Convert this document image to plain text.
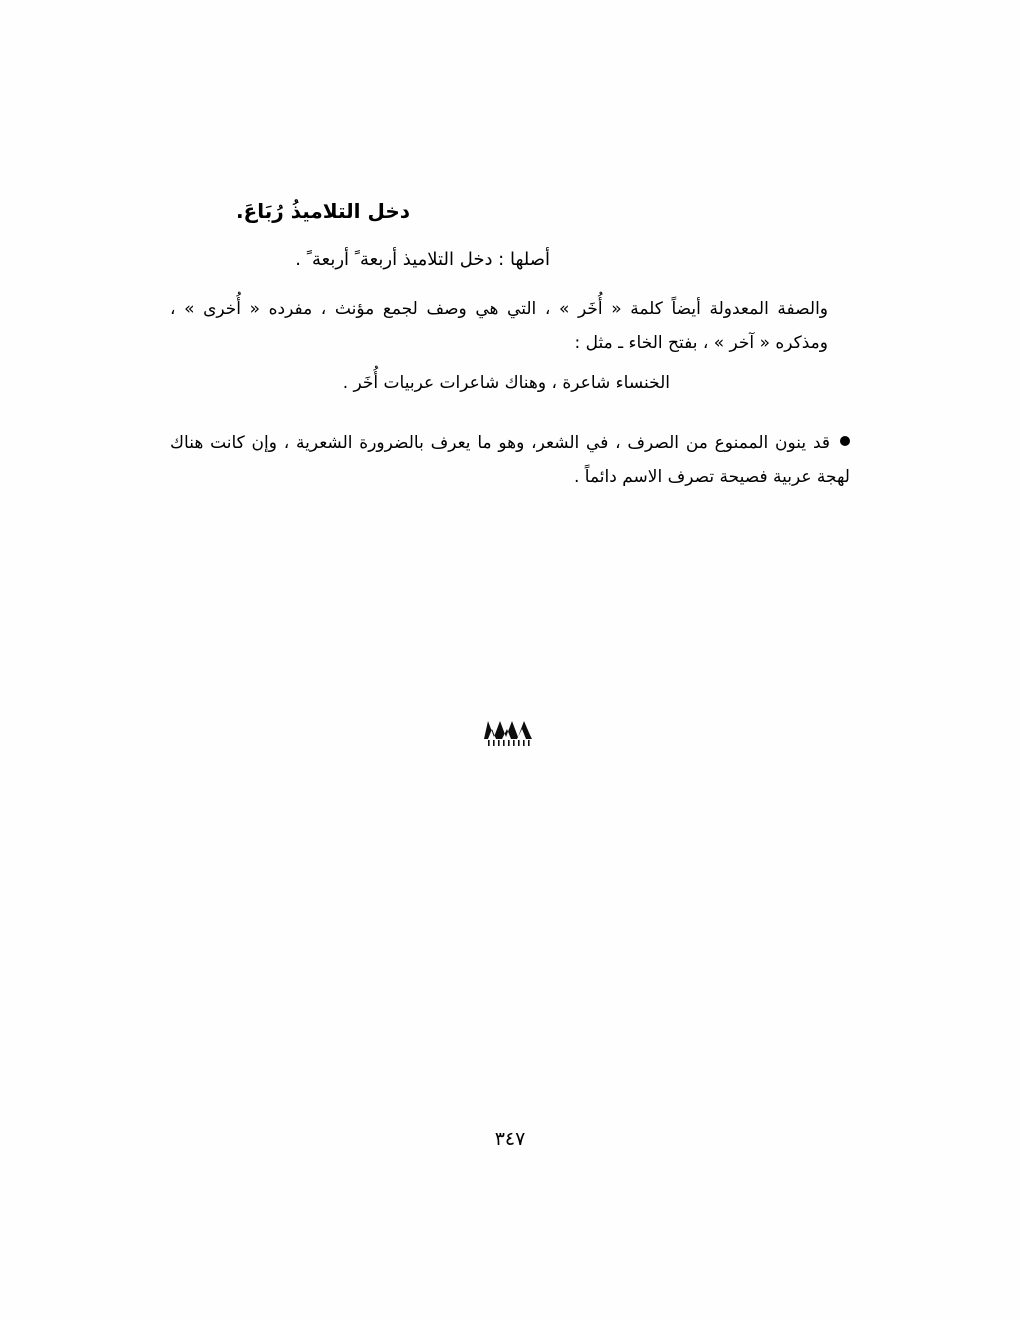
دخل التلاميذُ رُبَاعَ.

أصلها : دخل التلاميذ أربعة ً أربعة ً .

والصفة المعدولة أيضاً كلمة « أُخَر » ، التي هي وصف لجمع مؤنث ، مفرده « أُخرى » ، ومذكره « آخر » ، بفتح الخاء ـ مثل :

الخنساء شاعرة ، وهناك شاعرات عربيات أُخَر .

قد ينون الممنوع من الصرف ، في الشعر، وهو ما يعرف بالضرورة الشعرية ، وإن كانت هناك لهجة عربية فصيحة تصرف الاسم دائماً .

٣٤٧
